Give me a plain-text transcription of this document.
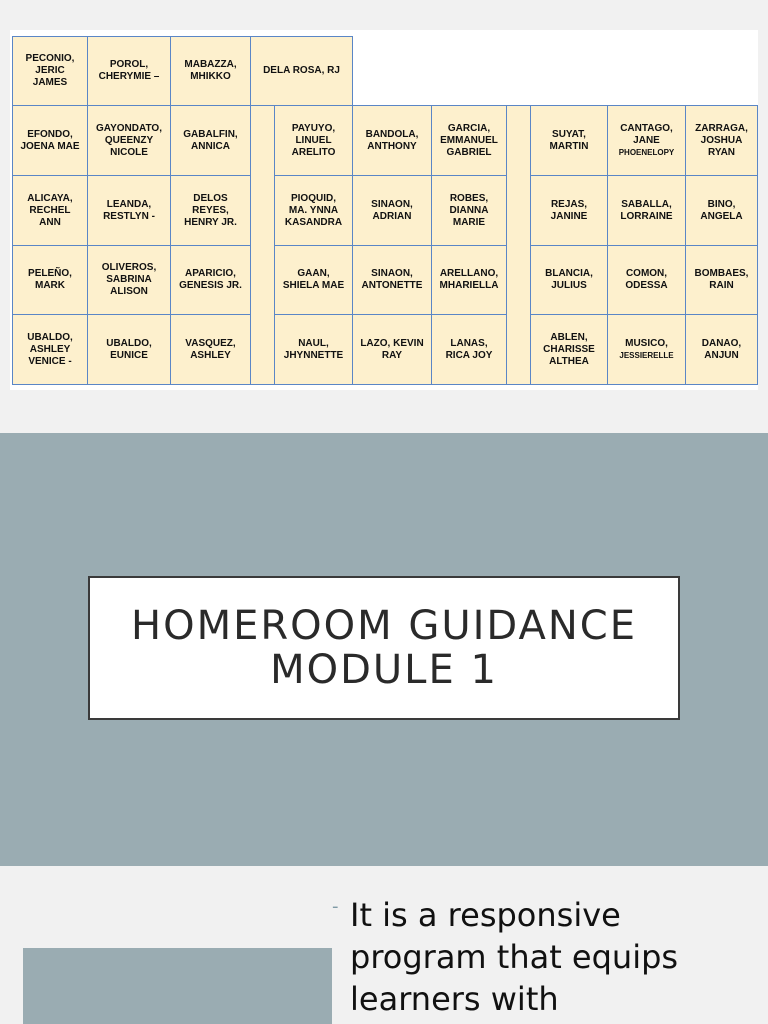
PECONIO,
JERIC
JAMES
POROL,
CHERYMIE –
MABAZZA,
MHIKKO
DELA ROSA, RJ
EFONDO,
JOENA MAE
GAYONDATO,
QUEENZY
NICOLE
GABALFIN,
ANNICA
PAYUYO,
LINUEL
ARELITO
BANDOLA,
ANTHONY
GARCIA,
EMMANUEL
GABRIEL
SUYAT,
MARTIN
CANTAGO,
JANE
PHOENELOPY
ZARRAGA,
JOSHUA
RYAN
ALICAYA,
RECHEL
ANN
LEANDA,
RESTLYN -
DELOS
REYES,
HENRY JR.
PIOQUID,
MA. YNNA
KASANDRA
SINAON,
ADRIAN
ROBES,
DIANNA
MARIE
REJAS,
JANINE
SABALLA,
LORRAINE
BINO,
ANGELA
PELEÑO,
MARK
OLIVEROS,
SABRINA
ALISON
APARICIO,
GENESIS JR.
GAAN,
SHIELA MAE
SINAON,
ANTONETTE
ARELLANO,
MHARIELLA
BLANCIA,
JULIUS
COMON,
ODESSA
BOMBAES,
RAIN
UBALDO,
ASHLEY
VENICE -
UBALDO,
EUNICE
VASQUEZ,
ASHLEY
NAUL,
JHYNNETTE
LAZO, KEVIN
RAY
LANAS,
RICA JOY
ABLEN,
CHARISSE
ALTHEA
MUSICO,
JESSIERELLE
DANAO,
ANJUN

HOMEROOM GUIDANCE
MODULE 1

- It is a responsive
program that equips
learners with
